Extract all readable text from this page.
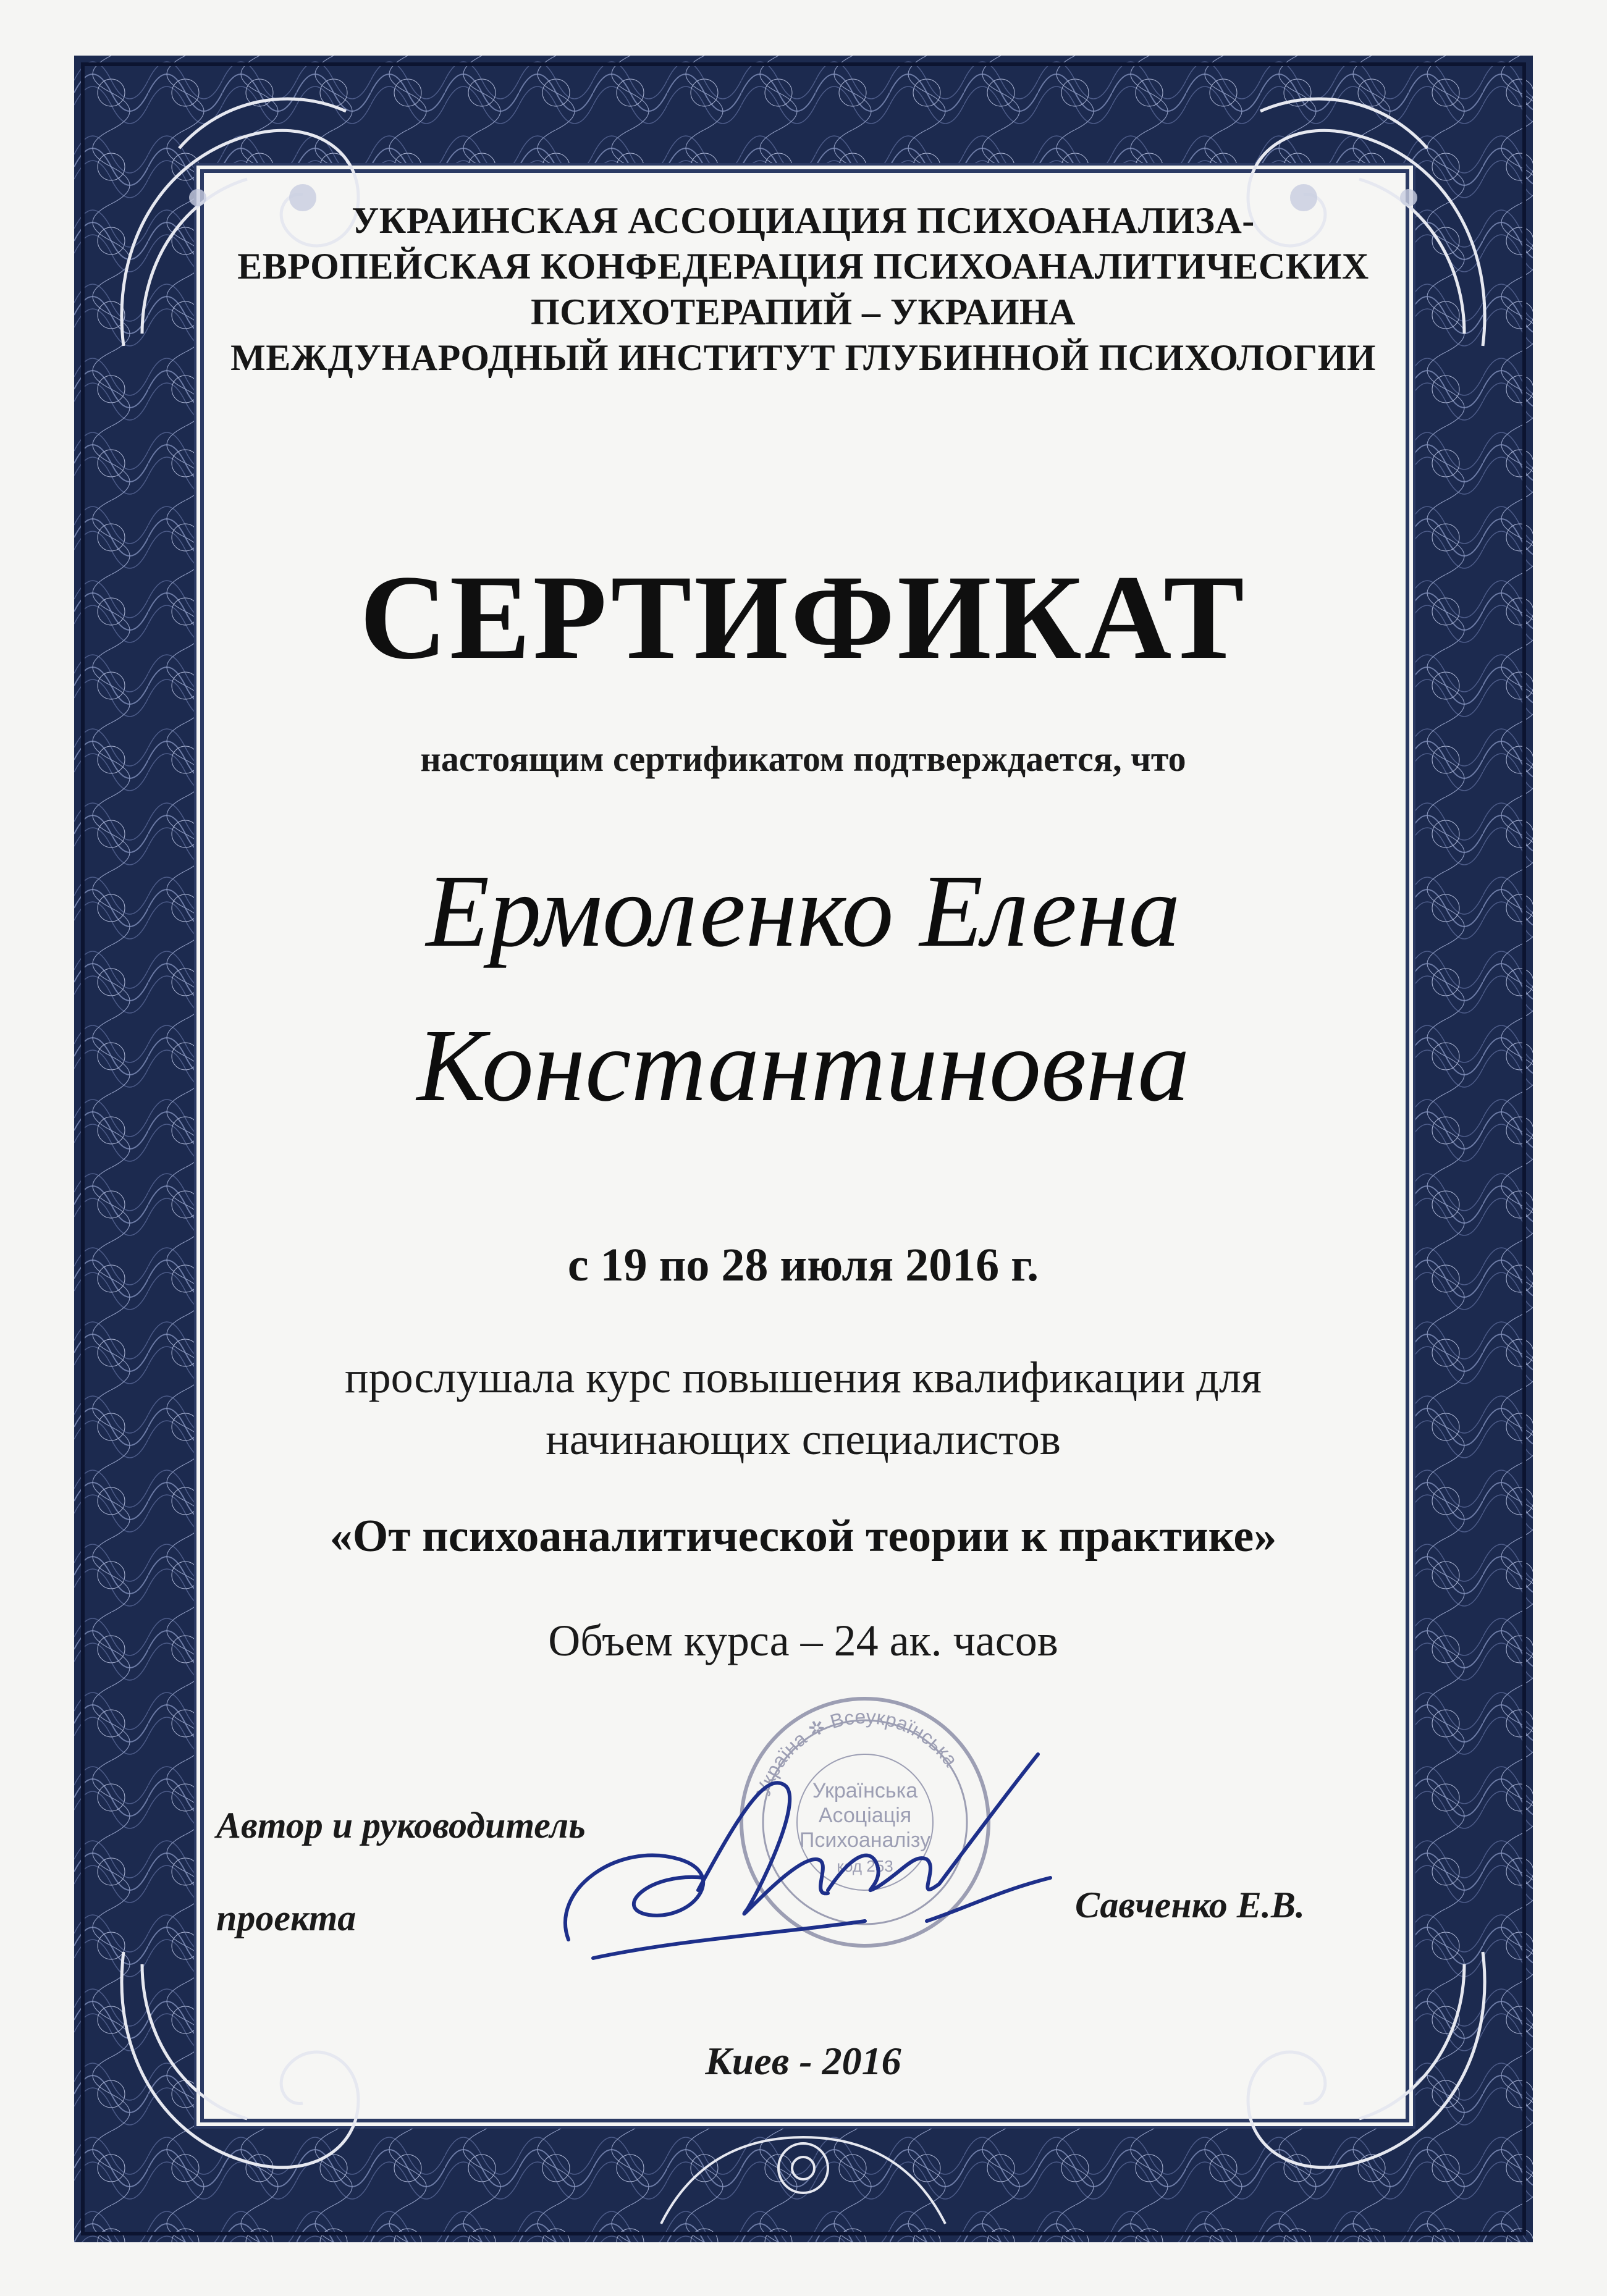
УКРАИНСКАЯ АССОЦИАЦИЯ ПСИХОАНАЛИЗА-
ЕВРОПЕЙСКАЯ КОНФЕДЕРАЦИЯ ПСИХОАНАЛИТИЧЕСКИХ
ПСИХОТЕРАПИЙ – УКРАИНА
МЕЖДУНАРОДНЫЙ ИНСТИТУТ ГЛУБИННОЙ ПСИХОЛОГИИ
СЕРТИФИКАТ
настоящим сертификатом подтверждается, что
Ермоленко Елена
Константиновна
с 19 по 28 июля 2016 г.
прослушала курс повышения квалификации для
начинающих специалистов
«От психоаналитической теории к практике»
Объем курса – 24 ак. часов
Україна ✲ Всеукраїнська
Українська
Асоціація
Психоаналізу
код 253
Автор и руководитель
проекта	Савченко Е.В.
Киев - 2016
